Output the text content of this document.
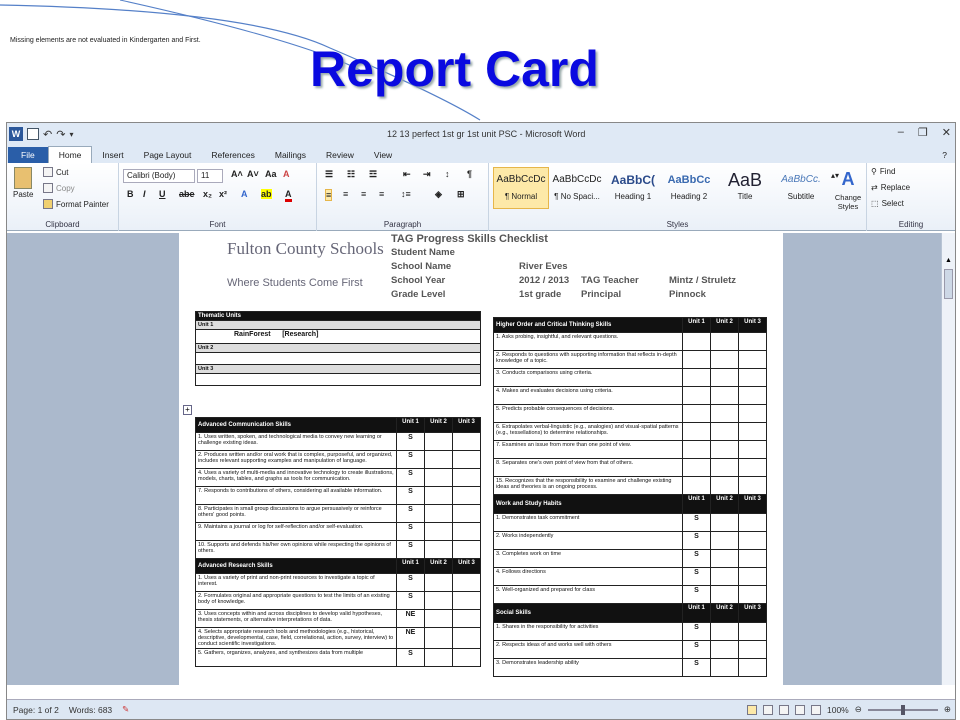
Missing elements are not evaluated in Kindergarten and First.
Report Card
W ↶ ↷ ▾	12 13 perfect 1st gr 1st unit PSC - Microsoft Word	– ❐ ✕
File	Home	Insert	Page Layout	References	Mailings	Review	View	?
Paste
Cut
Copy
Format Painter
Clipboard
Calibri (Body)	11	A˄ A˅ Aa A
B I U abe x₂ x² A ab A
Font
☰ ☷ ☲	⇤ ⇥ ↕ ¶
≡ ≡ ≡ ≡ ↕≡	◈ ⊞
Paragraph
AaBbCcDc
¶ Normal
AaBbCcDc
¶ No Spaci...
AaBbC(
Heading 1
AaBbCc
Heading 2
AaB
Title
AaBbCc.
Subtitle
▴▾ A
Change Styles
Styles
⚲ Find
⇄ Replace
⬚ Select
Editing
Fulton County Schools
Where Students Come First
TAG Progress Skills Checklist
Student Name
School Name	River Eves
School Year	2012 / 2013 TAG Teacher	Mintz / Struletz
Grade Level	1st grade Principal	Pinnock
Thematic Units
Unit 1
RainForest      [Research]
Unit 2

Unit 3

+
Advanced Communication Skills	Unit 1	Unit 2	Unit 3
1. Uses written, spoken, and technological media to convey new learning or challenge existing ideas.	S		
2. Produces written and/or oral work that is complex, purposeful, and organized, includes relevant supporting examples and manipulation of language.	S		
4. Uses a variety of multi-media and innovative technology to create illustrations, models, charts, tables, and graphs as tools for communication.	S		
7. Responds to contributions of others, considering all available information.	S		
8. Participates in small group discussions to argue persuasively or reinforce others' good points.	S		
9. Maintains a journal or log for self-reflection and/or self-evaluation.	S		
10. Supports and defends his/her own opinions while respecting the opinions of others.	S		
Advanced Research Skills	Unit 1	Unit 2	Unit 3
1. Uses a variety of print and non-print resources to investigate a topic of interest.	S		
2. Formulates original and appropriate questions to test the limits of an existing body of knowledge.	S		
3. Uses concepts within and across disciplines to develop valid hypotheses, thesis statements, or alternative interpretations of data.	NE		
4. Selects appropriate research tools and methodologies (e.g., historical, descriptive, developmental, case, field, correlational, action, survey, interview) to conduct scientific investigations.	NE		
5. Gathers, organizes, analyzes, and synthesizes data from multiple	S		
Higher Order and Critical Thinking Skills	Unit 1	Unit 2	Unit 3
1. Asks probing, insightful, and relevant questions.			
2. Responds to questions with supporting information that reflects in-depth knowledge of a topic.			
3. Conducts comparisons using criteria.			
4. Makes and evaluates decisions using criteria.			
5. Predicts probable consequences of decisions.			
6. Extrapolates verbal-linguistic (e.g., analogies) and visual-spatial patterns (e.g., tessellations) to determine relationships.			
7. Examines an issue from more than one point of view.			
8. Separates one's own point of view from that of others.			
15. Recognizes that the responsibility to examine and challenge existing ideas and theories is an ongoing process.			
Work and Study Habits	Unit 1	Unit 2	Unit 3
1. Demonstrates task commitment	S		
2. Works independently	S		
3. Completes work on time	S		
4. Follows directions	S		
5. Well-organized and prepared for class	S		
Social Skills	Unit 1	Unit 2	Unit 3
1. Shares in the responsibility for activities	S		
2. Respects ideas of and works well with others	S		
3. Demonstrates leadership ability	S		
▲
Page: 1 of 2	Words: 683	✎	100% ⊖	⊕
